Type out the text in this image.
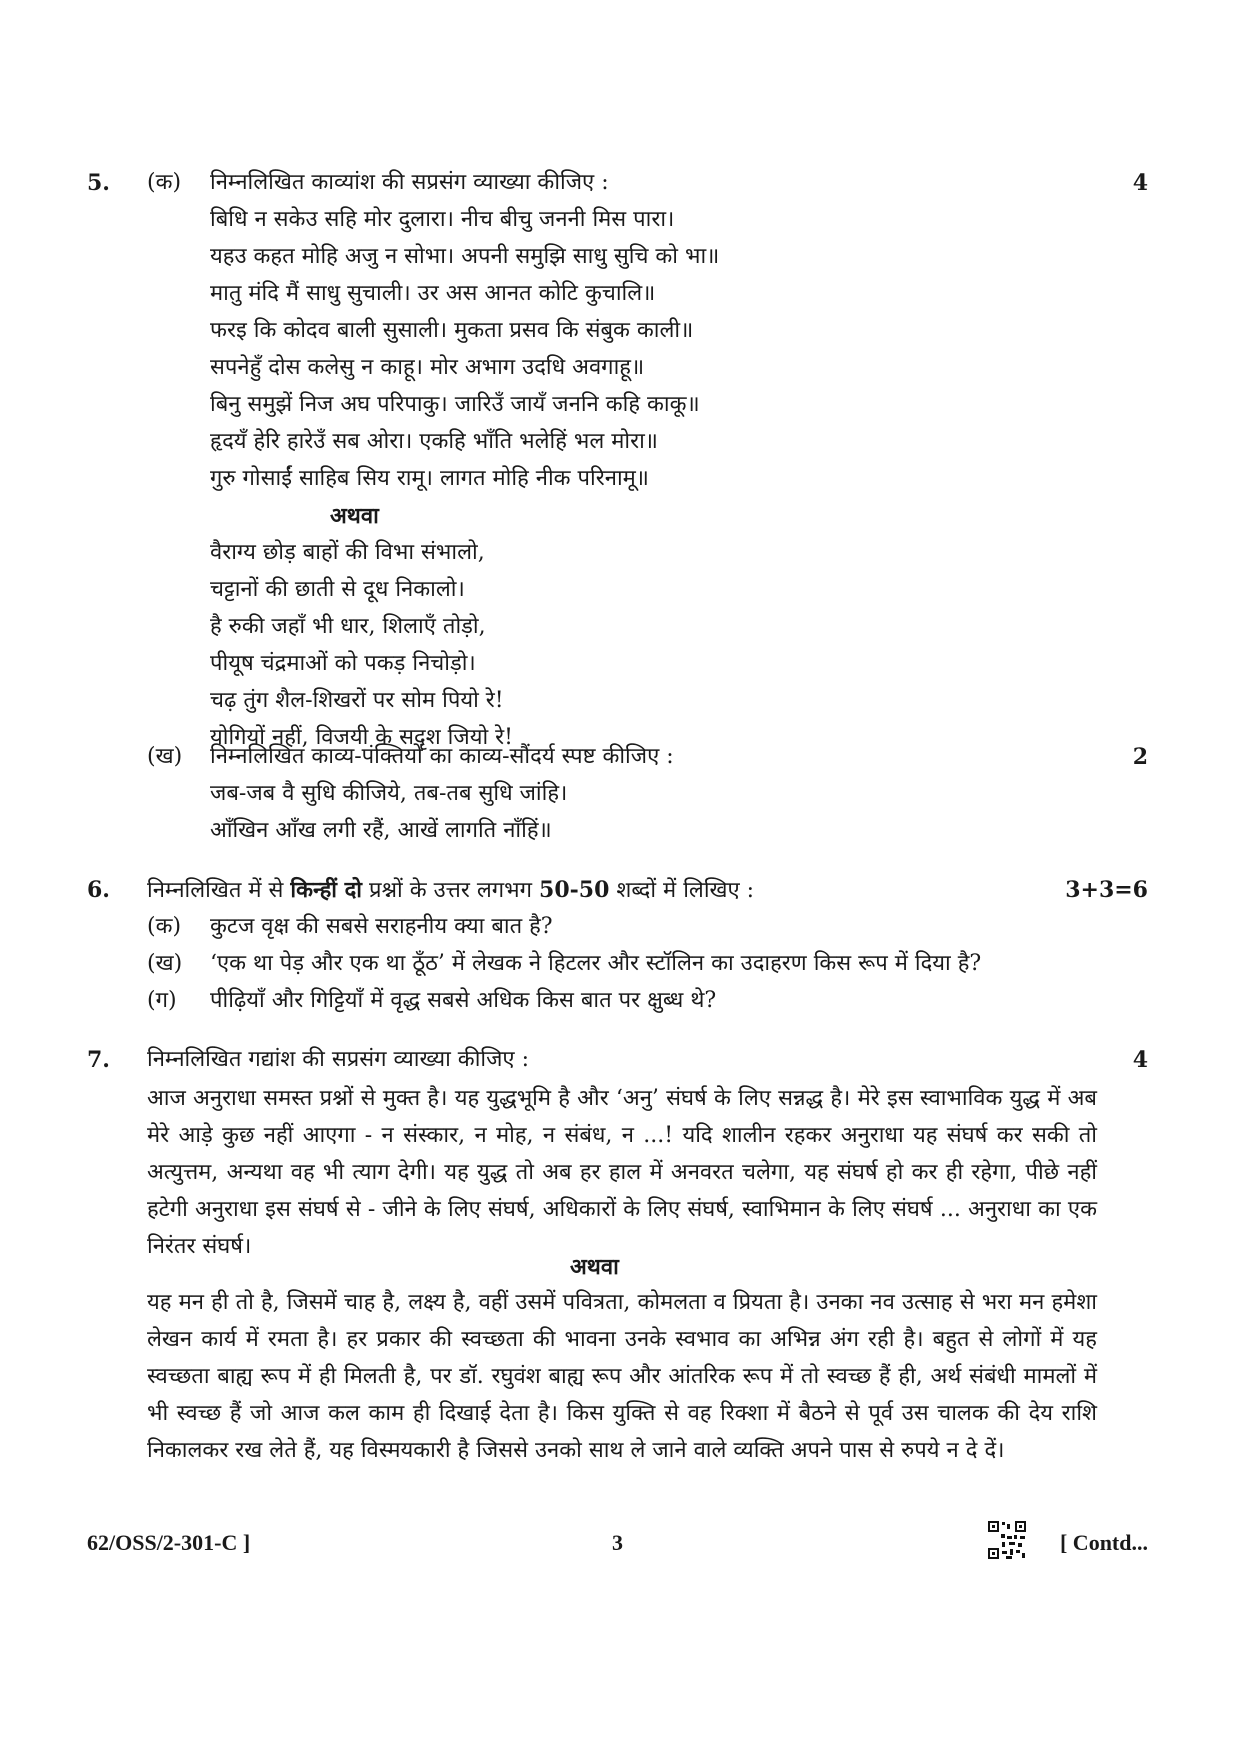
5. (क) निम्नलिखित काव्यांश की सप्रसंग व्याख्या कीजिए :	4
बिधि न सकेउ सहि मोर दुलारा। नीच बीचु जननी मिस पारा।
यहउ कहत मोहि अजु न सोभा। अपनी समुझि साधु सुचि को भा॥
मातु मंदि मैं साधु सुचाली। उर अस आनत कोटि कुचालि॥
फरइ कि कोदव बाली सुसाली। मुकता प्रसव कि संबुक काली॥
सपनेहुँ दोस कलेसु न काहू। मोर अभाग उदधि अवगाहू॥
बिनु समुझें निज अघ परिपाकु। जारिउँ जायँ जननि कहि काकू॥
हृदयँ हेरि हारेउँ सब ओरा। एकहि भाँति भलेहिं भल मोरा॥
गुरु गोसाईं साहिब सिय रामू। लागत मोहि नीक परिनामू॥
अथवा
वैराग्य छोड़ बाहों की विभा संभालो,
चट्टानों की छाती से दूध निकालो।
है रुकी जहाँ भी धार, शिलाएँ तोड़ो,
पीयूष चंद्रमाओं को पकड़ निचोड़ो।
चढ़ तुंग शैल-शिखरों पर सोम पियो रे!
योगियों नहीं, विजयी के सदृश जियो रे!
(ख) निम्नलिखित काव्य-पंक्तियों का काव्य-सौंदर्य स्पष्ट कीजिए :	2
जब-जब वै सुधि कीजिये, तब-तब सुधि जांहि।
आँखिन आँख लगी रहैं, आखें लागति नाँहिं॥
6. निम्नलिखित में से किन्हीं दो प्रश्नों के उत्तर लगभग 50-50 शब्दों में लिखिए :	3+3=6
(क) कुटज वृक्ष की सबसे सराहनीय क्या बात है?
(ख) ‘एक था पेड़ और एक था ठूँठ’ में लेखक ने हिटलर और स्टॉलिन का उदाहरण किस रूप में दिया है?
(ग) पीढ़ियाँ और गिट्टियाँ में वृद्ध सबसे अधिक किस बात पर क्षुब्ध थे?
7. निम्नलिखित गद्यांश की सप्रसंग व्याख्या कीजिए :	4
आज अनुराधा समस्त प्रश्नों से मुक्त है। यह युद्धभूमि है और ‘अनु’ संघर्ष के लिए सन्नद्ध है। मेरे इस स्वाभाविक युद्ध में अब मेरे आड़े कुछ नहीं आएगा - न संस्कार, न मोह, न संबंध, न ...! यदि शालीन रहकर अनुराधा यह संघर्ष कर सकी तो अत्युत्तम, अन्यथा वह भी त्याग देगी। यह युद्ध तो अब हर हाल में अनवरत चलेगा, यह संघर्ष हो कर ही रहेगा, पीछे नहीं हटेगी अनुराधा इस संघर्ष से - जीने के लिए संघर्ष, अधिकारों के लिए संघर्ष, स्वाभिमान के लिए संघर्ष ... अनुराधा का एक निरंतर संघर्ष।
अथवा
यह मन ही तो है, जिसमें चाह है, लक्ष्य है, वहीं उसमें पवित्रता, कोमलता व प्रियता है। उनका नव उत्साह से भरा मन हमेशा लेखन कार्य में रमता है। हर प्रकार की स्वच्छता की भावना उनके स्वभाव का अभिन्न अंग रही है। बहुत से लोगों में यह स्वच्छता बाह्य रूप में ही मिलती है, पर डॉ. रघुवंश बाह्य रूप और आंतरिक रूप में तो स्वच्छ हैं ही, अर्थ संबंधी मामलों में भी स्वच्छ हैं जो आज कल काम ही दिखाई देता है। किस युक्ति से वह रिक्शा में बैठने से पूर्व उस चालक की देय राशि निकालकर रख लेते हैं, यह विस्मयकारी है जिससे उनको साथ ले जाने वाले व्यक्ति अपने पास से रुपये न दे दें।
62/OSS/2-301-C ]	3	[ Contd...
